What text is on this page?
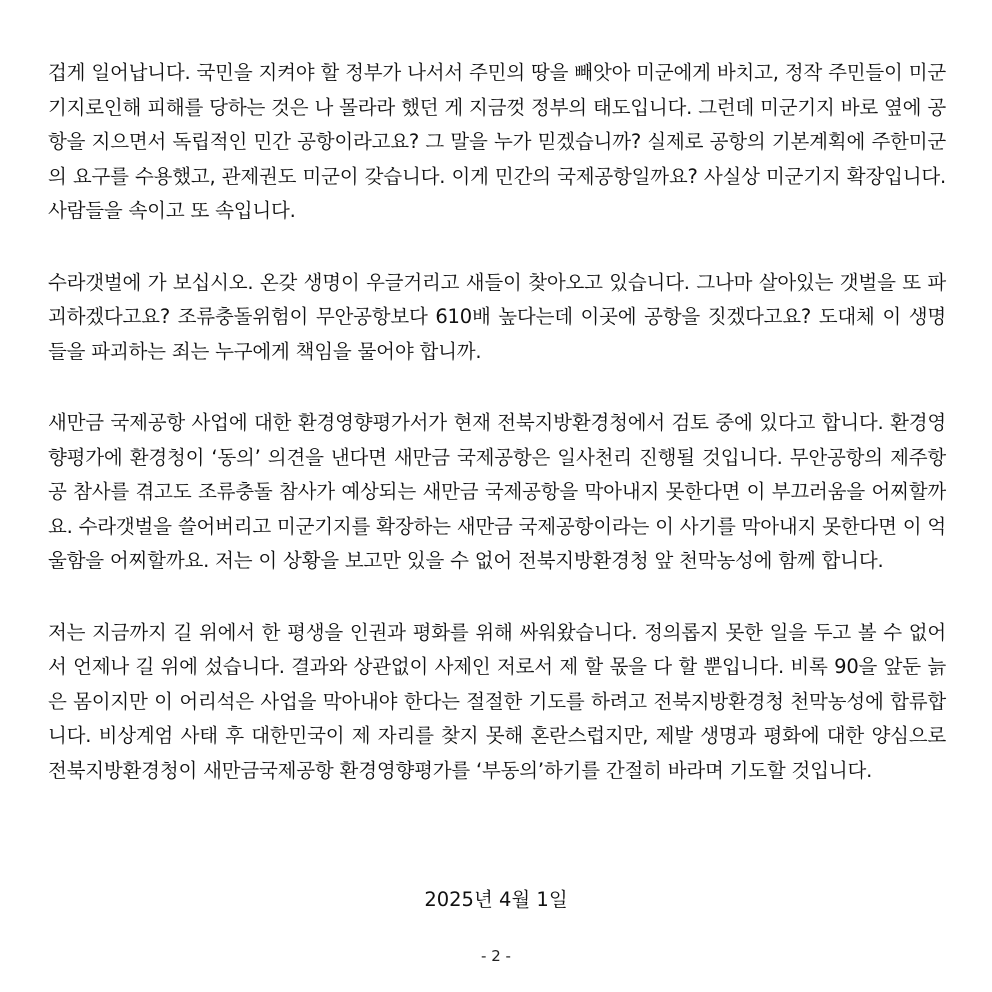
겁게 일어납니다. 국민을 지켜야 할 정부가 나서서 주민의 땅을 빼앗아 미군에게 바치고, 정작 주민들이 미군기지로인해 피해를 당하는 것은 나 몰라라 했던 게 지금껏 정부의 태도입니다. 그런데 미군기지 바로 옆에 공항을 지으면서 독립적인 민간 공항이라고요? 그 말을 누가 믿겠습니까? 실제로 공항의 기본계획에 주한미군의 요구를 수용했고, 관제권도 미군이 갖습니다. 이게 민간의 국제공항일까요? 사실상 미군기지 확장입니다. 사람들을 속이고 또 속입니다.

수라갯벌에 가 보십시오. 온갖 생명이 우글거리고 새들이 찾아오고 있습니다. 그나마 살아있는 갯벌을 또 파괴하겠다고요? 조류충돌위험이 무안공항보다 610배 높다는데 이곳에 공항을 짓겠다고요? 도대체 이 생명들을 파괴하는 죄는 누구에게 책임을 물어야 합니까.

새만금 국제공항 사업에 대한 환경영향평가서가 현재 전북지방환경청에서 검토 중에 있다고 합니다. 환경영향평가에 환경청이 ‘동의’ 의견을 낸다면 새만금 국제공항은 일사천리 진행될 것입니다. 무안공항의 제주항공 참사를 겪고도 조류충돌 참사가 예상되는 새만금 국제공항을 막아내지 못한다면 이 부끄러움을 어찌할까요. 수라갯벌을 쓸어버리고 미군기지를 확장하는 새만금 국제공항이라는 이 사기를 막아내지 못한다면 이 억울함을 어찌할까요. 저는 이 상황을 보고만 있을 수 없어 전북지방환경청 앞 천막농성에 함께 합니다.

저는 지금까지 길 위에서 한 평생을 인권과 평화를 위해 싸워왔습니다. 정의롭지 못한 일을 두고 볼 수 없어서 언제나 길 위에 섰습니다. 결과와 상관없이 사제인 저로서 제 할 몫을 다 할 뿐입니다. 비록 90을 앞둔 늙은 몸이지만 이 어리석은 사업을 막아내야 한다는 절절한 기도를 하려고 전북지방환경청 천막농성에 합류합니다. 비상계엄 사태 후 대한민국이 제 자리를 찾지 못해 혼란스럽지만, 제발 생명과 평화에 대한 양심으로 전북지방환경청이 새만금국제공항 환경영향평가를 ‘부동의’하기를 간절히 바라며 기도할 것입니다.

2025년 4월 1일
- 2 -
